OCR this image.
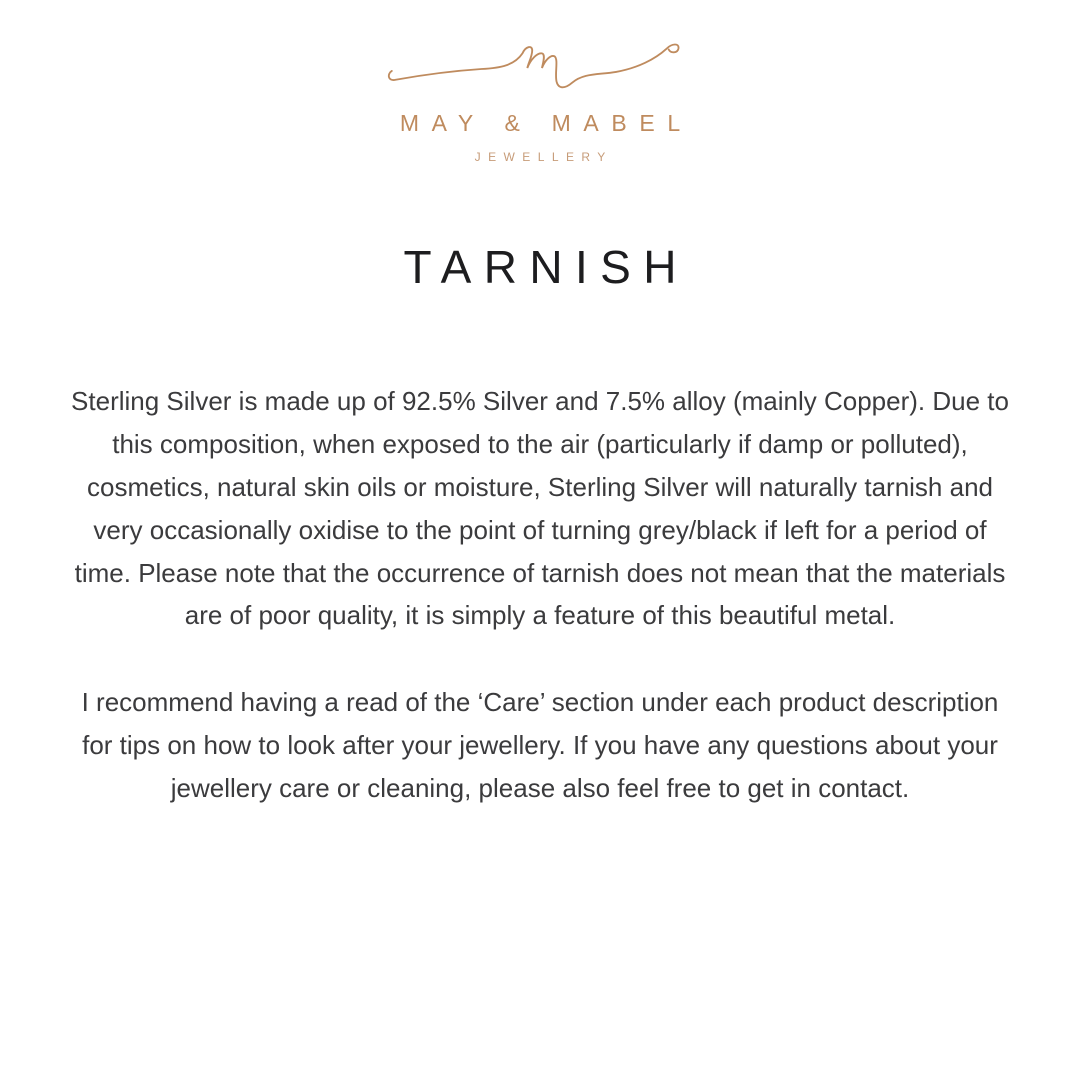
MAY & MABEL
JEWELLERY
TARNISH

Sterling Silver is made up of 92.5% Silver and 7.5% alloy (mainly Copper). Due to this composition, when exposed to the air (particularly if damp or polluted), cosmetics, natural skin oils or moisture, Sterling Silver will naturally tarnish and very occasionally oxidise to the point of turning grey/black if left for a period of time. Please note that the occurrence of tarnish does not mean that the materials are of poor quality, it is simply a feature of this beautiful metal.

I recommend having a read of the ‘Care’ section under each product description for tips on how to look after your jewellery. If you have any questions about your jewellery care or cleaning, please also feel free to get in contact.
